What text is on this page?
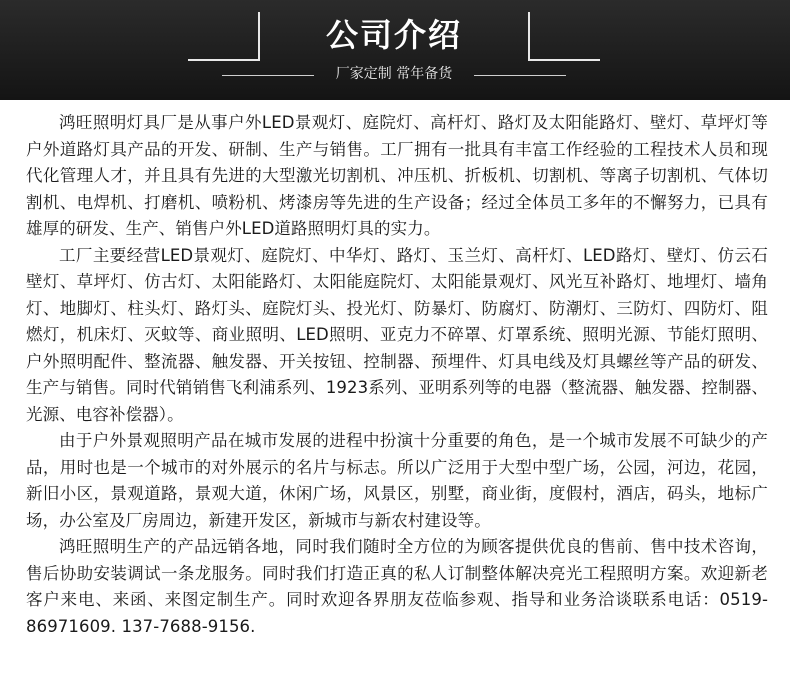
公司介绍
厂家定制 常年备货

鸿旺照明灯具厂是从事户外LED景观灯、庭院灯、高杆灯、路灯及太阳能路灯、壁灯、草坪灯等户外道路灯具产品的开发、研制、生产与销售。工厂拥有一批具有丰富工作经验的工程技术人员和现代化管理人才，并且具有先进的大型激光切割机、冲压机、折板机、切割机、等离子切割机、气体切割机、电焊机、打磨机、喷粉机、烤漆房等先进的生产设备；经过全体员工多年的不懈努力，已具有雄厚的研发、生产、销售户外LED道路照明灯具的实力。

工厂主要经营LED景观灯、庭院灯、中华灯、路灯、玉兰灯、高杆灯、LED路灯、壁灯、仿云石壁灯、草坪灯、仿古灯、太阳能路灯、太阳能庭院灯、太阳能景观灯、风光互补路灯、地埋灯、墙角灯、地脚灯、柱头灯、路灯头、庭院灯头、投光灯、防暴灯、防腐灯、防潮灯、三防灯、四防灯、阻燃灯，机床灯、灭蚊等、商业照明、LED照明、亚克力不碎罩、灯罩系统、照明光源、节能灯照明、户外照明配件、整流器、触发器、开关按钮、控制器、预埋件、灯具电线及灯具螺丝等产品的研发、生产与销售。同时代销销售飞利浦系列、1923系列、亚明系列等的电器（整流器、触发器、控制器、光源、电容补偿器）。

由于户外景观照明产品在城市发展的进程中扮演十分重要的角色，是一个城市发展不可缺少的产品，用时也是一个城市的对外展示的名片与标志。所以广泛用于大型中型广场，公园，河边，花园，新旧小区，景观道路，景观大道，休闲广场，风景区，别墅，商业街，度假村，酒店，码头，地标广场，办公室及厂房周边，新建开发区，新城市与新农村建设等。

鸿旺照明生产的产品远销各地，同时我们随时全方位的为顾客提供优良的售前、售中技术咨询，售后协助安装调试一条龙服务。同时我们打造正真的私人订制整体解决亮光工程照明方案。欢迎新老客户来电、来函、来图定制生产。同时欢迎各界朋友莅临参观、指导和业务洽谈联系电话：0519-86971609. 137-7688-9156.
